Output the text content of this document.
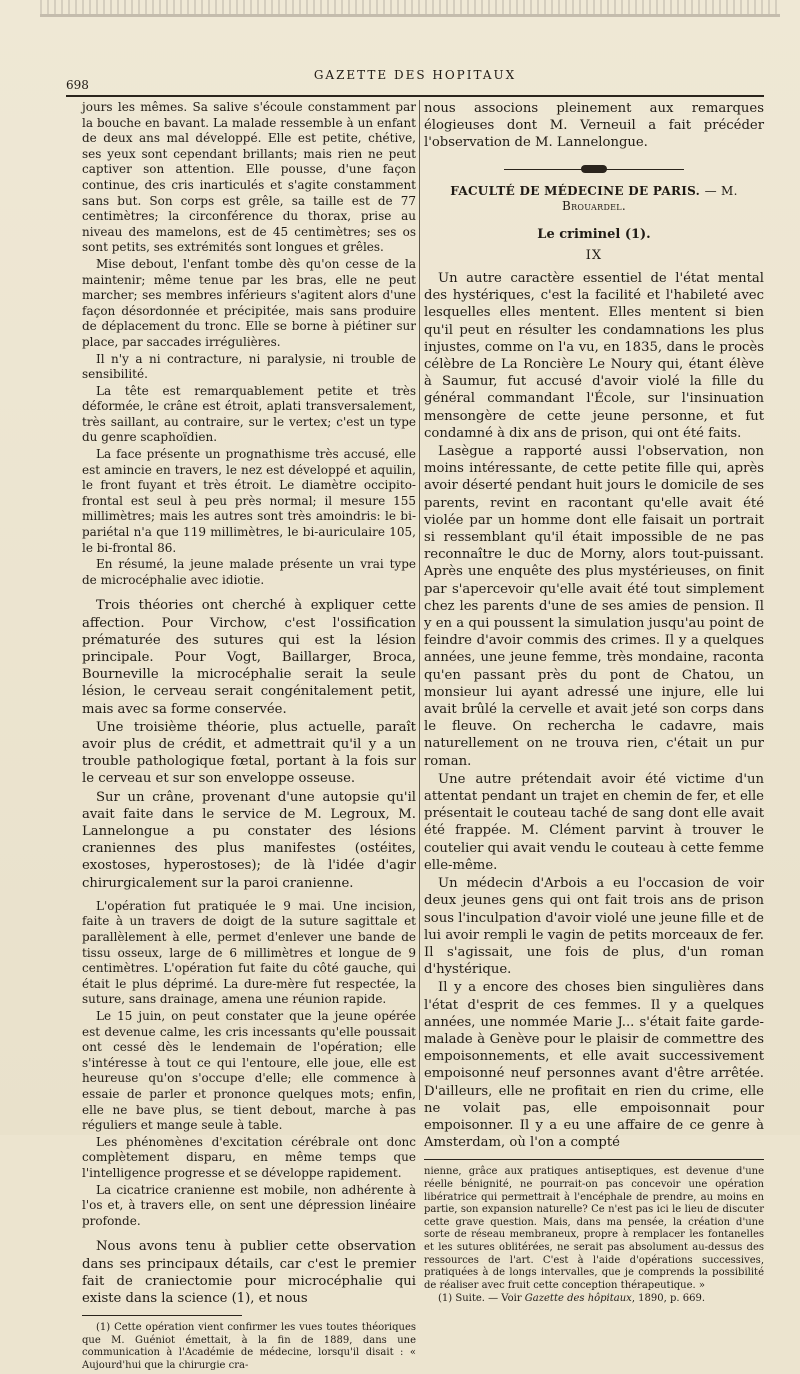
698
GAZETTE DES HOPITAUX

jours les mêmes. Sa salive s'écoule constamment par la bouche en bavant. La malade ressemble à un enfant de deux ans mal développé. Elle est petite, chétive, ses yeux sont cependant brillants; mais rien ne peut captiver son attention. Elle pousse, d'une façon continue, des cris inarticulés et s'agite constamment sans but. Son corps est grêle, sa taille est de 77 centimètres; la circonférence du thorax, prise au niveau des mamelons, est de 45 centimètres; ses os sont petits, ses extrémités sont longues et grêles.

Mise debout, l'enfant tombe dès qu'on cesse de la maintenir; même tenue par les bras, elle ne peut marcher; ses membres inférieurs s'agitent alors d'une façon désordonnée et précipitée, mais sans produire de déplacement du tronc. Elle se borne à piétiner sur place, par saccades irrégulières.

Il n'y a ni contracture, ni paralysie, ni trouble de sensibilité.

La tête est remarquablement petite et très déformée, le crâne est étroit, aplati transversalement, très saillant, au contraire, sur le vertex; c'est un type du genre scaphoïdien.

La face présente un prognathisme très accusé, elle est amincie en travers, le nez est développé et aquilin, le front fuyant et très étroit. Le diamètre occipito-frontal est seul à peu près normal; il mesure 155 millimètres; mais les autres sont très amoindris: le bi-pariétal n'a que 119 millimètres, le bi-auriculaire 105, le bi-frontal 86.

En résumé, la jeune malade présente un vrai type de microcéphalie avec idiotie.

Trois théories ont cherché à expliquer cette affection. Pour Virchow, c'est l'ossification prématurée des sutures qui est la lésion principale. Pour Vogt, Baillarger, Broca, Bourneville la microcéphalie serait la seule lésion, le cerveau serait congénitalement petit, mais avec sa forme conservée.

Une troisième théorie, plus actuelle, paraît avoir plus de crédit, et admettrait qu'il y a un trouble pathologique fœtal, portant à la fois sur le cerveau et sur son enveloppe osseuse.

Sur un crâne, provenant d'une autopsie qu'il avait faite dans le service de M. Legroux, M. Lannelongue a pu constater des lésions craniennes des plus manifestes (ostéites, exostoses, hyperostoses); de là l'idée d'agir chirurgicalement sur la paroi cranienne.

L'opération fut pratiquée le 9 mai. Une incision, faite à un travers de doigt de la suture sagittale et parallèlement à elle, permet d'enlever une bande de tissu osseux, large de 6 millimètres et longue de 9 centimètres. L'opération fut faite du côté gauche, qui était le plus déprimé. La dure-mère fut respectée, la suture, sans drainage, amena une réunion rapide.

Le 15 juin, on peut constater que la jeune opérée est devenue calme, les cris incessants qu'elle poussait ont cessé dès le lendemain de l'opération; elle s'intéresse à tout ce qui l'entoure, elle joue, elle est heureuse qu'on s'occupe d'elle; elle commence à essaie de parler et prononce quelques mots; enfin, elle ne bave plus, se tient debout, marche à pas réguliers et mange seule à table.

Les phénomènes d'excitation cérébrale ont donc complètement disparu, en même temps que l'intelligence progresse et se développe rapidement.

La cicatrice cranienne est mobile, non adhérente à l'os et, à travers elle, on sent une dépression linéaire profonde.

Nous avons tenu à publier cette observation dans ses principaux détails, car c'est le premier fait de craniectomie pour microcéphalie qui existe dans la science (1), et nous

(1) Cette opération vient confirmer les vues toutes théoriques que M. Guéniot émettait, à la fin de 1889, dans une communication à l'Académie de médecine, lorsqu'il disait : « Aujourd'hui que la chirurgie cra-

nous associons pleinement aux remarques élogieuses dont M. Verneuil a fait précéder l'observation de M. Lannelongue.

FACULTÉ DE MÉDECINE DE PARIS. — M. Brouardel.
Le criminel (1).
IX

Un autre caractère essentiel de l'état mental des hystériques, c'est la facilité et l'habileté avec lesquelles elles mentent. Elles mentent si bien qu'il peut en résulter les condamnations les plus injustes, comme on l'a vu, en 1835, dans le procès célèbre de La Roncière Le Noury qui, étant élève à Saumur, fut accusé d'avoir violé la fille du général commandant l'École, sur l'insinuation mensongère de cette jeune personne, et fut condamné à dix ans de prison, qui ont été faits.

Lasègue a rapporté aussi l'observation, non moins intéressante, de cette petite fille qui, après avoir déserté pendant huit jours le domicile de ses parents, revint en racontant qu'elle avait été violée par un homme dont elle faisait un portrait si ressemblant qu'il était impossible de ne pas reconnaître le duc de Morny, alors tout-puissant. Après une enquête des plus mystérieuses, on finit par s'apercevoir qu'elle avait été tout simplement chez les parents d'une de ses amies de pension. Il y en a qui poussent la simulation jusqu'au point de feindre d'avoir commis des crimes. Il y a quelques années, une jeune femme, très mondaine, raconta qu'en passant près du pont de Chatou, un monsieur lui ayant adressé une injure, elle lui avait brûlé la cervelle et avait jeté son corps dans le fleuve. On rechercha le cadavre, mais naturellement on ne trouva rien, c'était un pur roman.

Une autre prétendait avoir été victime d'un attentat pendant un trajet en chemin de fer, et elle présentait le couteau taché de sang dont elle avait été frappée. M. Clément parvint à trouver le coutelier qui avait vendu le couteau à cette femme elle-même.

Un médecin d'Arbois a eu l'occasion de voir deux jeunes gens qui ont fait trois ans de prison sous l'inculpation d'avoir violé une jeune fille et de lui avoir rempli le vagin de petits morceaux de fer. Il s'agissait, une fois de plus, d'un roman d'hystérique.

Il y a encore des choses bien singulières dans l'état d'esprit de ces femmes. Il y a quelques années, une nommée Marie J... s'était faite garde-malade à Genève pour le plaisir de commettre des empoisonnements, et elle avait successivement empoisonné neuf personnes avant d'être arrêtée. D'ailleurs, elle ne profitait en rien du crime, elle ne volait pas, elle empoisonnait pour empoisonner. Il y a eu une affaire de ce genre à Amsterdam, où l'on a compté

nienne, grâce aux pratiques antiseptiques, est devenue d'une réelle bénignité, ne pourrait-on pas concevoir une opération libératrice qui permettrait à l'encéphale de prendre, au moins en partie, son expansion naturelle? Ce n'est pas ici le lieu de discuter cette grave question. Mais, dans ma pensée, la création d'une sorte de réseau membraneux, propre à remplacer les fontanelles et les sutures oblitérées, ne serait pas absolument au-dessus des ressources de l'art. C'est à l'aide d'opérations successives, pratiquées à de longs intervalles, que je comprends la possibilité de réaliser avec fruit cette conception thérapeutique. »

(1) Suite. — Voir Gazette des hôpitaux, 1890, p. 669.
